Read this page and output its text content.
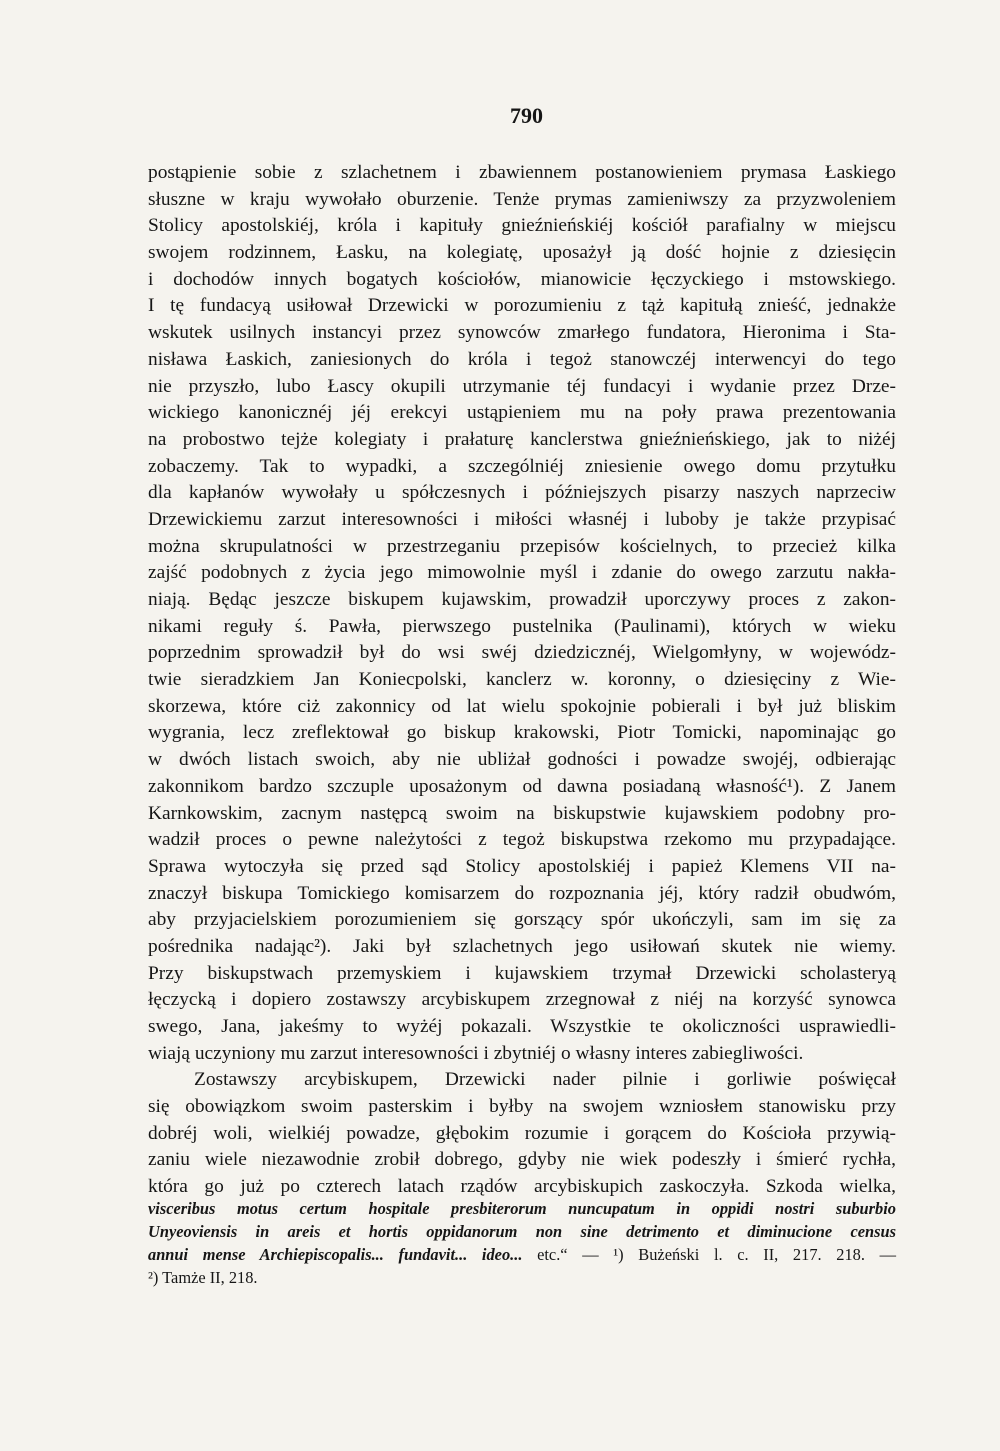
790
postąpienie sobie z szlachetnem i zbawiennem postanowieniem prymasa Łaskiego
słuszne w kraju wywołało oburzenie. Tenże prymas zamieniwszy za przyzwoleniem
Stolicy apostolskiéj, króla i kapituły gnieźnieńskiéj kościół parafialny w miejscu
swojem rodzinnem, Łasku, na kolegiatę, uposażył ją dość hojnie z dziesięcin
i dochodów innych bogatych kościołów, mianowicie łęczyckiego i mstowskiego.
I tę fundacyą usiłował Drzewicki w porozumieniu z tąż kapitułą znieść, jednakże
wskutek usilnych instancyi przez synowców zmarłego fundatora, Hieronima i Sta-
nisława Łaskich, zaniesionych do króla i tegoż stanowczéj interwencyi do tego
nie przyszło, lubo Łascy okupili utrzymanie téj fundacyi i wydanie przez Drze-
wickiego kanonicznéj jéj erekcyi ustąpieniem mu na poły prawa prezentowania
na probostwo tejże kolegiaty i prałaturę kanclerstwa gnieźnieńskiego, jak to niżéj
zobaczemy. Tak to wypadki, a szczególniéj zniesienie owego domu przytułku
dla kapłanów wywołały u spółczesnych i późniejszych pisarzy naszych naprzeciw
Drzewickiemu zarzut interesowności i miłości własnéj i luboby je także przypisać
można skrupulatności w przestrzeganiu przepisów kościelnych, to przecież kilka
zajść podobnych z życia jego mimowolnie myśl i zdanie do owego zarzutu nakła-
niają. Będąc jeszcze biskupem kujawskim, prowadził uporczywy proces z zakon-
nikami reguły ś. Pawła, pierwszego pustelnika (Paulinami), których w wieku
poprzednim sprowadził był do wsi swéj dziedzicznéj, Wielgomłyny, w wojewódz-
twie sieradzkiem Jan Koniecpolski, kanclerz w. koronny, o dziesięciny z Wie-
skorzewa, które ciż zakonnicy od lat wielu spokojnie pobierali i był już bliskim
wygrania, lecz zreflektował go biskup krakowski, Piotr Tomicki, napominając go
w dwóch listach swoich, aby nie ubliżał godności i powadze swojéj, odbierając
zakonnikom bardzo szczuple uposażonym od dawna posiadaną własność¹). Z Janem
Karnkowskim, zacnym następcą swoim na biskupstwie kujawskiem podobny pro-
wadził proces o pewne należytości z tegoż biskupstwa rzekomo mu przypadające.
Sprawa wytoczyła się przed sąd Stolicy apostolskiéj i papież Klemens VII na-
znaczył biskupa Tomickiego komisarzem do rozpoznania jéj, który radził obudwóm,
aby przyjacielskiem porozumieniem się gorszący spór ukończyli, sam im się za
pośrednika nadając²). Jaki był szlachetnych jego usiłowań skutek nie wiemy.
Przy biskupstwach przemyskiem i kujawskiem trzymał Drzewicki scholasteryą
łęczycką i dopiero zostawszy arcybiskupem zrzegnował z niéj na korzyść synowca
swego, Jana, jakeśmy to wyżéj pokazali. Wszystkie te okoliczności usprawiedli-
wiają uczyniony mu zarzut interesowności i zbytniéj o własny interes zabiegliwości.
Zostawszy arcybiskupem, Drzewicki nader pilnie i gorliwie poświęcał
się obowiązkom swoim pasterskim i byłby na swojem wzniosłem stanowisku przy
dobréj woli, wielkiéj powadze, głębokim rozumie i gorącem do Kościoła przywią-
zaniu wiele niezawodnie zrobił dobrego, gdyby nie wiek podeszły i śmierć rychła,
która go już po czterech latach rządów arcybiskupich zaskoczyła. Szkoda wielka,
visceribus motus certum hospitale presbiterorum nuncupatum in oppidi nostri suburbio
Unyeoviensis in areis et hortis oppidanorum non sine detrimento et diminucione census
annui mense Archiepiscopalis... fundavit... ideo... etc.“ — ¹) Bużeński l. c. II, 217. 218. —
²) Tamże II, 218.
